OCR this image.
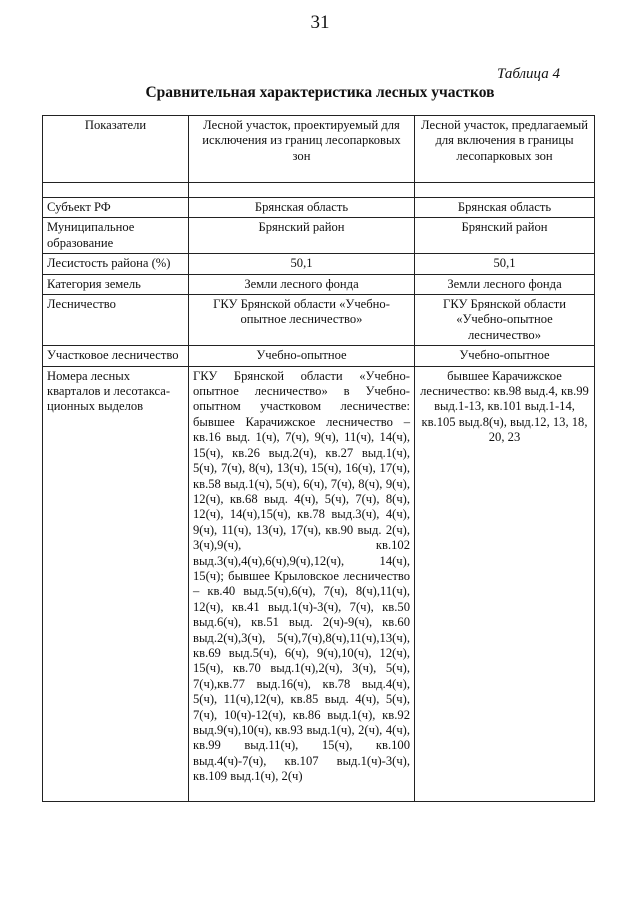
31
Таблица 4
Сравнительная характеристика лесных участков
Показатели	Лесной участок, проектируемый для исключения из границ лесопарковых зон	Лесной участок, предлагаемый для включения в границы лесопарковых зон

Субъект РФ	Брянская область	Брянская область
Муниципальное образование	Брянский район	Брянский район
Лесистость района (%)	50,1	50,1
Категория земель	Земли лесного фонда	Земли лесного фонда
Лесничество	ГКУ Брянской области «Учебно-опытное лесничество»	ГКУ Брянской области «Учебно-опытное лесничество»
Участковое лесничество	Учебно-опытное	Учебно-опытное
Номера лесных кварталов и лесотакса-ционных выделов	ГКУ Брянской области «Учебно-опытное лесничество» в Учебно-опытном участковом лесничестве: бывшее Карачижское лесничество – кв.16 выд. 1(ч), 7(ч), 9(ч), 11(ч), 14(ч), 15(ч), кв.26 выд.2(ч), кв.27 выд.1(ч), 5(ч), 7(ч), 8(ч), 13(ч), 15(ч), 16(ч), 17(ч), кв.58 выд.1(ч), 5(ч), 6(ч), 7(ч), 8(ч), 9(ч), 12(ч), кв.68 выд. 4(ч), 5(ч), 7(ч), 8(ч), 12(ч), 14(ч),15(ч), кв.78 выд.3(ч), 4(ч), 9(ч), 11(ч), 13(ч), 17(ч), кв.90 выд. 2(ч), 3(ч),9(ч), кв.102 выд.3(ч),4(ч),6(ч),9(ч),12(ч), 14(ч), 15(ч); бывшее Крыловское лесничество – кв.40 выд.5(ч),6(ч), 7(ч), 8(ч),11(ч), 12(ч), кв.41 выд.1(ч)-3(ч), 7(ч), кв.50 выд.6(ч), кв.51 выд. 2(ч)-9(ч), кв.60 выд.2(ч),3(ч), 5(ч),7(ч),8(ч),11(ч),13(ч), кв.69 выд.5(ч), 6(ч), 9(ч),10(ч), 12(ч), 15(ч), кв.70 выд.1(ч),2(ч), 3(ч), 5(ч), 7(ч),кв.77 выд.16(ч), кв.78 выд.4(ч), 5(ч), 11(ч),12(ч), кв.85 выд. 4(ч), 5(ч), 7(ч), 10(ч)-12(ч), кв.86 выд.1(ч), кв.92 выд.9(ч),10(ч), кв.93 выд.1(ч), 2(ч), 4(ч), кв.99 выд.11(ч), 15(ч), кв.100 выд.4(ч)-7(ч), кв.107 выд.1(ч)-3(ч), кв.109 выд.1(ч), 2(ч)	бывшее Карачижское лесничество: кв.98 выд.4, кв.99 выд.1-13, кв.101 выд.1-14, кв.105 выд.8(ч), выд.12, 13, 18, 20, 23
